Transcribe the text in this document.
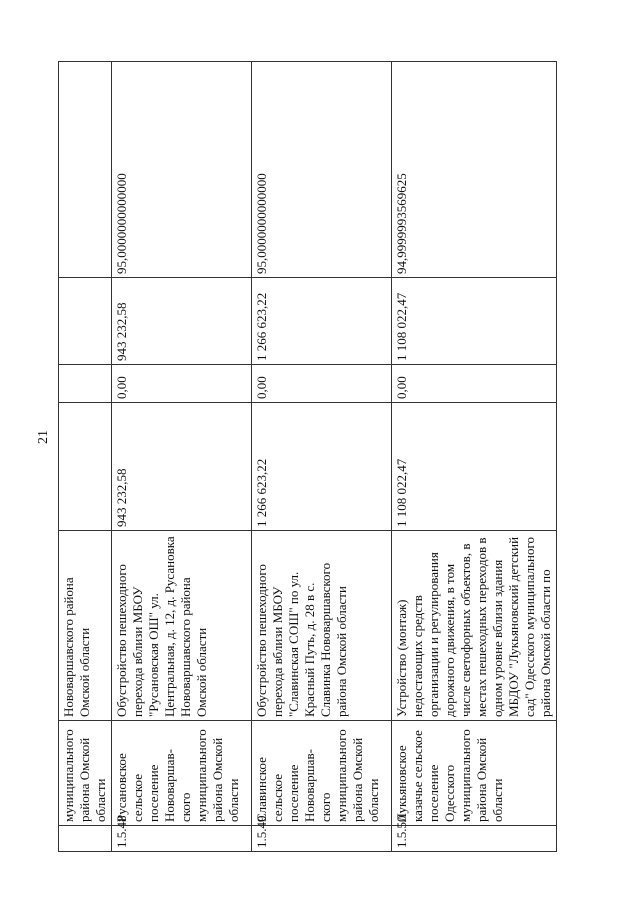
21
	муниципального района Омской области	Нововаршавского района Омской области				
1.5.48	Русановское сельское поселение Нововаршав-ского муниципального района Омской области	Обустройство пешеходного перехода вблизи МБОУ "Русановская ОШ" ул. Центральная, д. 12, д. Русановка Нововаршавского района Омской области	943 232,58	0,00	943 232,58	95,0000000000000
1.5.49	Славинское сельское поселение Нововаршав-ского муниципального района Омской области	Обустройство пешеходного перехода вблизи МБОУ "Славинская СОШ" по ул. Красный Путь, д. 28 в с. Славинка Нововаршавского района Омской области	1 266 623,22	0,00	1 266 623,22	95,0000000000000
1.5.50	Лукьяновское казачье сельское поселение Одесского муниципального района Омской области	Устройство (монтаж) недостающих средств организации и регулирования дорожного движения, в том числе светофорных объектов, в местах пешеходных переходов в одном уровне вблизи здания МБДОУ "Лукьяновский детский сад" Одесского муниципального района Омской области по	1 108 022,47	0,00	1 108 022,47	94,9999993569625
